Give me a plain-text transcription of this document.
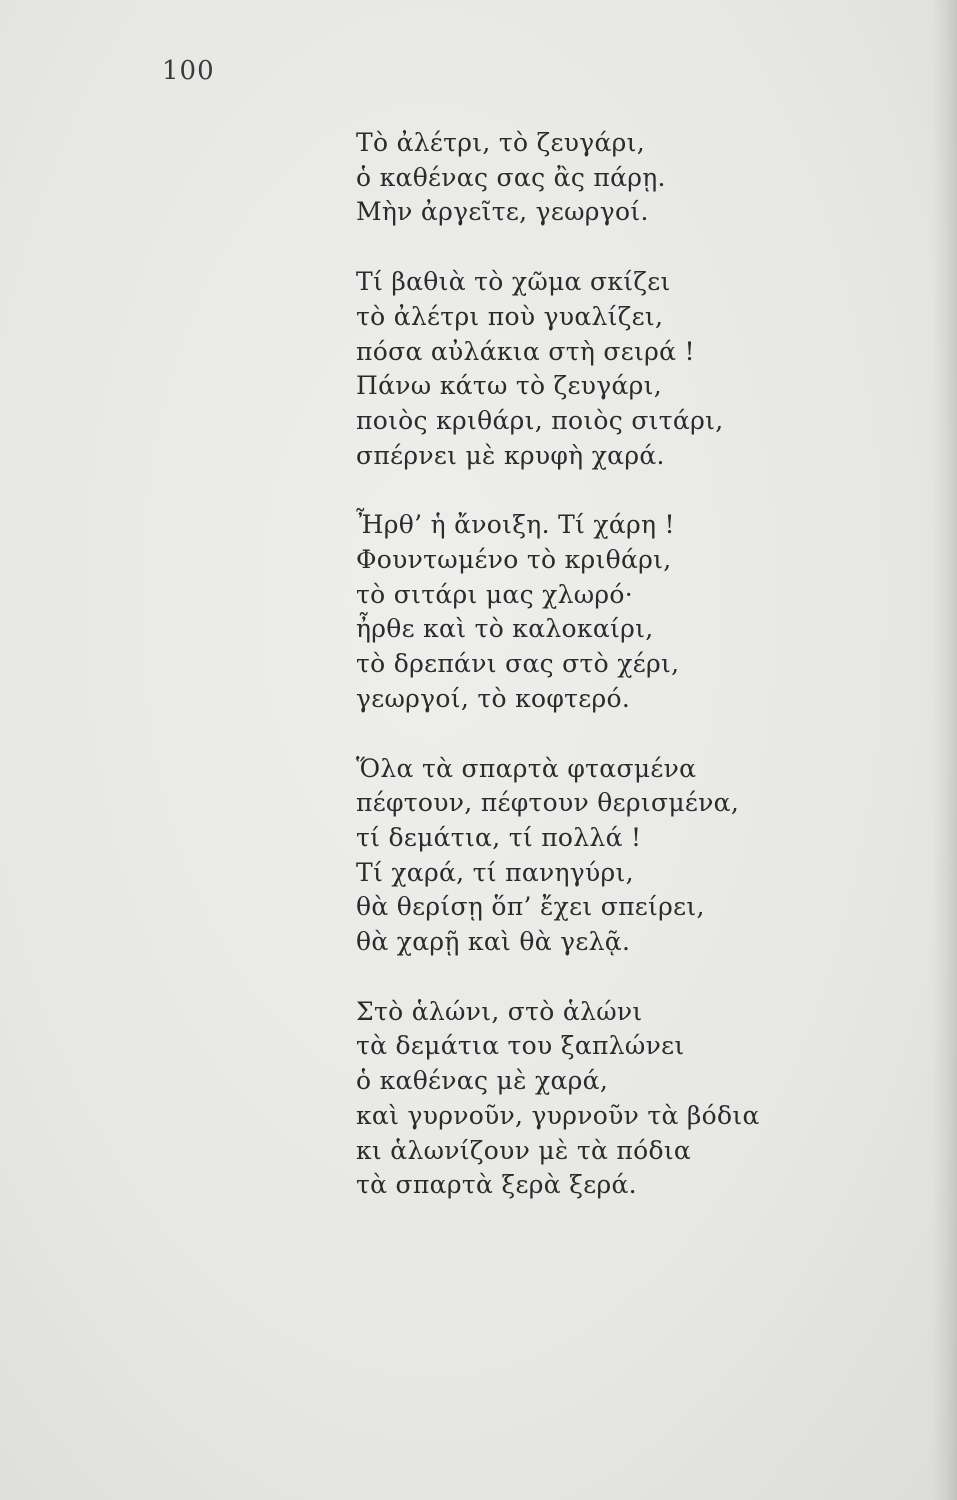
100
Τὸ ἀλέτρι, τὸ ζευγάρι,
ὁ καθένας σας ἂς πάρῃ.
Μὴν ἀργεῖτε, γεωργοί.
Τί βαθιὰ τὸ χῶμα σκίζει
τὸ ἀλέτρι ποὺ γυαλίζει,
πόσα αὐλάκια στὴ σειρά !
Πάνω κάτω τὸ ζευγάρι,
ποιὸς κριθάρι, ποιὸς σιτάρι,
σπέρνει μὲ κρυφὴ χαρά.
Ἦρθ’ ἡ ἄνοιξη. Τί χάρη !
Φουντωμένο τὸ κριθάρι,
τὸ σιτάρι μας χλωρό·
ἦρθε καὶ τὸ καλοκαίρι,
τὸ δρεπάνι σας στὸ χέρι,
γεωργοί, τὸ κοφτερό.
Ὅλα τὰ σπαρτὰ φτασμένα
πέφτουν, πέφτουν θερισμένα,
τί δεμάτια, τί πολλά !
Τί χαρά, τί πανηγύρι,
θὰ θερίσῃ ὅπ’ ἔχει σπείρει,
θὰ χαρῇ καὶ θὰ γελᾷ.
Στὸ ἁλώνι, στὸ ἁλώνι
τὰ δεμάτια του ξαπλώνει
ὁ καθένας μὲ χαρά,
καὶ γυρνοῦν, γυρνοῦν τὰ βόδια
κι ἁλωνίζουν μὲ τὰ πόδια
τὰ σπαρτὰ ξερὰ ξερά.
